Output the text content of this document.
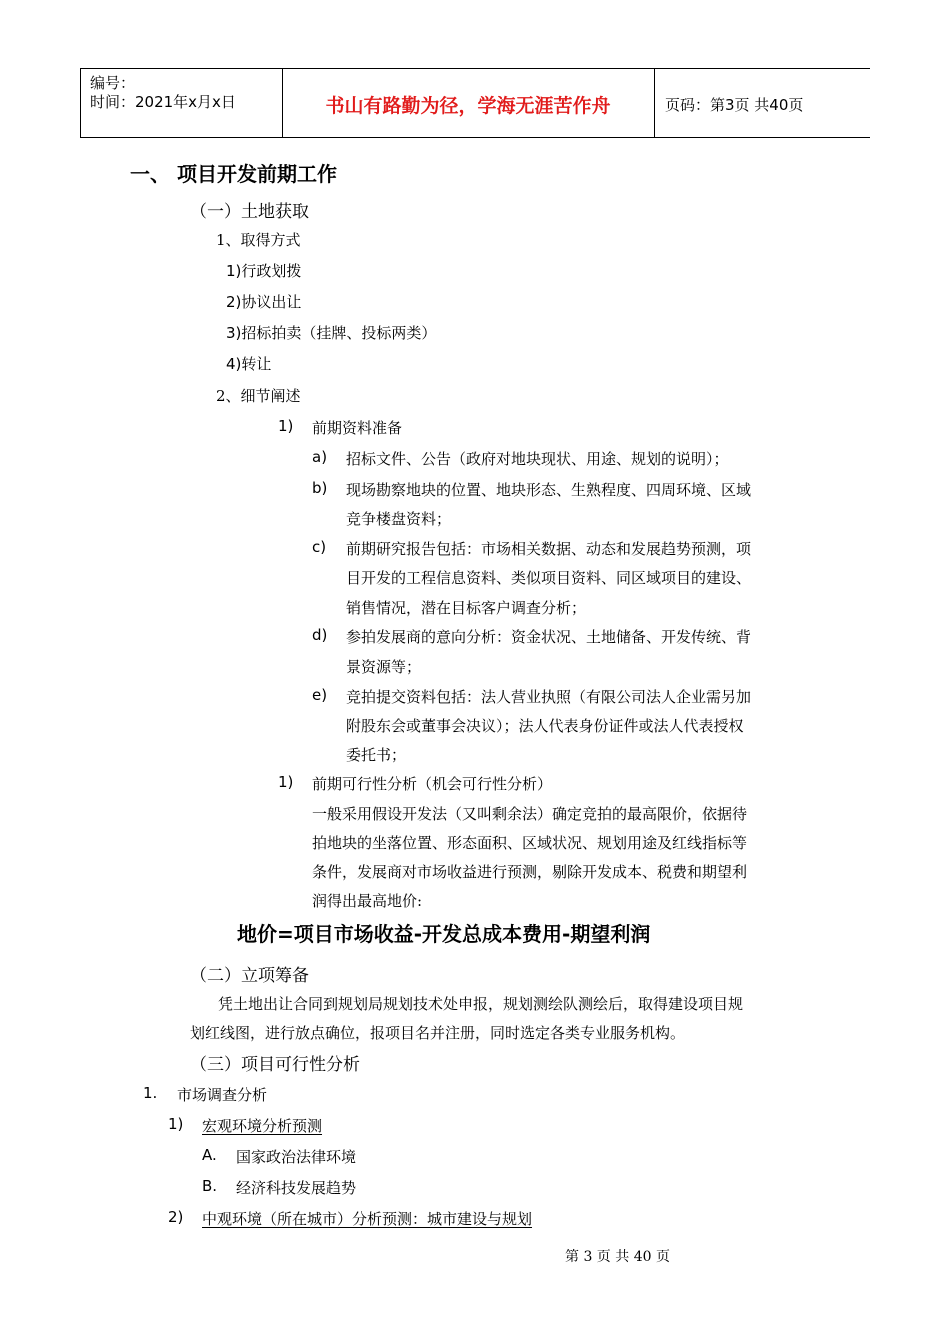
编号：
时间：2021年x月x日	书山有路勤为径，学海无涯苦作舟	页码：第3页 共40页
一、 项目开发前期工作
（一）土地获取
1、取得方式
1)行政划拨
2)协议出让
3)招标拍卖（挂牌、投标两类）
4)转让
2、细节阐述
1) 前期资料准备
a) 招标文件、公告（政府对地块现状、用途、规划的说明）；
b) 现场勘察地块的位置、地块形态、生熟程度、四周环境、区域
竞争楼盘资料；
c) 前期研究报告包括：市场相关数据、动态和发展趋势预测，项
目开发的工程信息资料、类似项目资料、同区域项目的建设、
销售情况，潜在目标客户调查分析；
d) 参拍发展商的意向分析：资金状况、土地储备、开发传统、背
景资源等；
e) 竞拍提交资料包括：法人营业执照（有限公司法人企业需另加
附股东会或董事会决议）；法人代表身份证件或法人代表授权
委托书；
1) 前期可行性分析（机会可行性分析）
一般采用假设开发法（又叫剩余法）确定竞拍的最高限价，依据待
拍地块的坐落位置、形态面积、区域状况、规划用途及红线指标等
条件，发展商对市场收益进行预测，剔除开发成本、税费和期望利
润得出最高地价:
地价=项目市场收益-开发总成本费用-期望利润
（二）立项筹备
凭土地出让合同到规划局规划技术处申报，规划测绘队测绘后，取得建设项目规
划红线图，进行放点确位，报项目名并注册，同时选定各类专业服务机构。
（三）项目可行性分析
1. 市场调查分析
1) 宏观环境分析预测
A. 国家政治法律环境
B. 经济科技发展趋势
2) 中观环境（所在城市）分析预测：城市建设与规划
第 3 页 共 40 页
